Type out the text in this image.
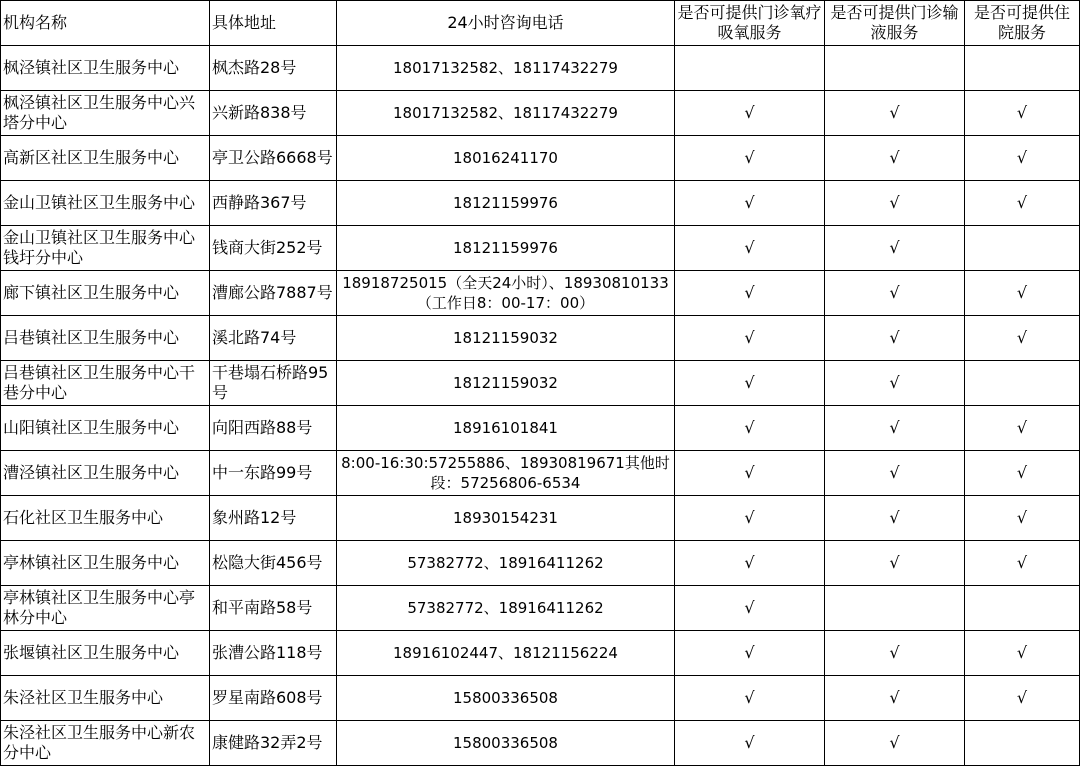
机构名称	具体地址	24小时咨询电话	是否可提供门诊氧疗吸氧服务	是否可提供门诊输液服务	是否可提供住院服务
枫泾镇社区卫生服务中心	枫杰路28号	18017132582、18117432279			
枫泾镇社区卫生服务中心兴塔分中心	兴新路838号	18017132582、18117432279	√	√	√
高新区社区卫生服务中心	亭卫公路6668号	18016241170	√	√	√
金山卫镇社区卫生服务中心	西静路367号	18121159976	√	√	√
金山卫镇社区卫生服务中心钱圩分中心	钱商大街252号	18121159976	√	√	
廊下镇社区卫生服务中心	漕廊公路7887号	18918725015（全天24小时）、18930810133（工作日8：00-17：00）	√	√	√
吕巷镇社区卫生服务中心	溪北路74号	18121159032	√	√	√
吕巷镇社区卫生服务中心干巷分中心	干巷塌石桥路95号	18121159032	√	√	
山阳镇社区卫生服务中心	向阳西路88号	18916101841	√	√	√
漕泾镇社区卫生服务中心	中一东路99号	8:00-16:30:57255886、18930819671其他时段：57256806-6534	√	√	√
石化社区卫生服务中心	象州路12号	18930154231	√	√	√
亭林镇社区卫生服务中心	松隐大街456号	57382772、18916411262	√	√	√
亭林镇社区卫生服务中心亭林分中心	和平南路58号	57382772、18916411262	√		
张堰镇社区卫生服务中心	张漕公路118号	18916102447、18121156224	√	√	√
朱泾社区卫生服务中心	罗星南路608号	15800336508	√	√	√
朱泾社区卫生服务中心新农分中心	康健路32弄2号	15800336508	√	√	
